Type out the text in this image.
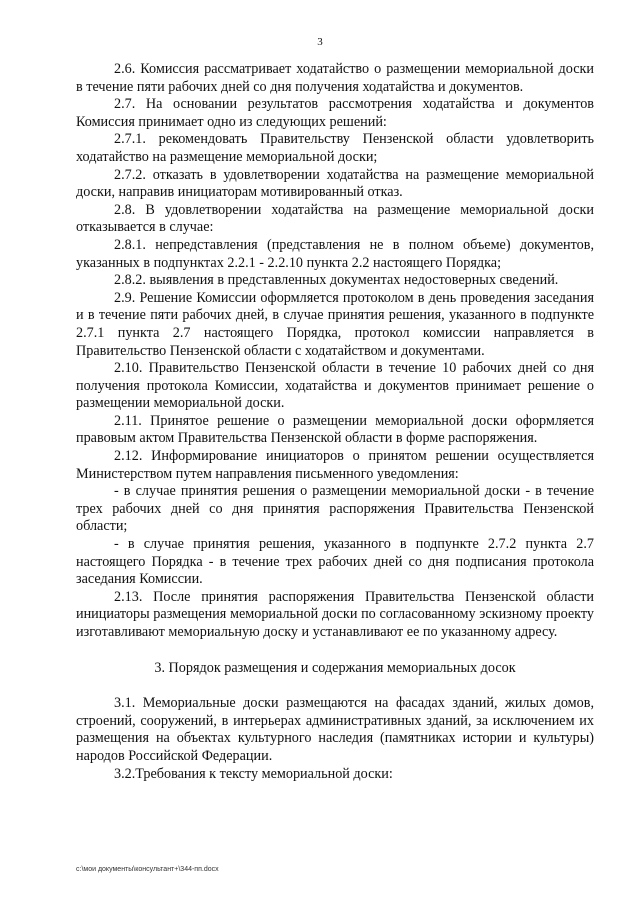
3

2.6. Комиссия рассматривает ходатайство о размещении мемориальной доски в течение пяти рабочих дней со дня получения ходатайства и документов.

2.7. На основании результатов рассмотрения ходатайства и документов Комиссия принимает одно из следующих решений:

2.7.1. рекомендовать Правительству Пензенской области удовлетворить ходатайство на размещение мемориальной доски;

2.7.2. отказать в удовлетворении ходатайства на размещение мемориальной доски, направив инициаторам мотивированный отказ.

2.8. В удовлетворении ходатайства на размещение мемориальной доски отказывается в случае:

2.8.1. непредставления (представления не в полном объеме) документов, указанных в подпунктах 2.2.1 - 2.2.10 пункта 2.2 настоящего Порядка;

2.8.2. выявления в представленных документах недостоверных сведений.

2.9. Решение Комиссии оформляется протоколом в день проведения заседания и в течение пяти рабочих дней, в случае принятия решения, указанного в подпункте 2.7.1 пункта 2.7 настоящего Порядка, протокол комиссии направляется в Правительство Пензенской области с ходатайством и документами.

2.10. Правительство Пензенской области в течение 10 рабочих дней со дня получения протокола Комиссии, ходатайства и документов принимает решение о размещении мемориальной доски.

2.11. Принятое решение о размещении мемориальной доски оформляется правовым актом Правительства Пензенской области в форме распоряжения.

2.12. Информирование инициаторов о принятом решении осуществляется Министерством путем направления письменного уведомления:

- в случае принятия решения о размещении мемориальной доски - в течение трех рабочих дней со дня принятия распоряжения Правительства Пензенской области;

- в случае принятия решения, указанного в подпункте 2.7.2 пункта 2.7 настоящего Порядка - в течение трех рабочих дней со дня подписания протокола заседания Комиссии.

2.13. После принятия распоряжения Правительства Пензенской области инициаторы размещения мемориальной доски по согласованному эскизному проекту изготавливают мемориальную доску и устанавливают ее по указанному адресу.

3. Порядок размещения и содержания мемориальных досок

3.1. Мемориальные доски размещаются на фасадах зданий, жилых домов, строений, сооружений, в интерьерах административных зданий, за исключением их размещения на объектах культурного наследия (памятниках истории и культуры) народов Российской Федерации.

3.2.Требования к тексту мемориальной доски:

c:\мои документы\консультант+\344-пп.docx
